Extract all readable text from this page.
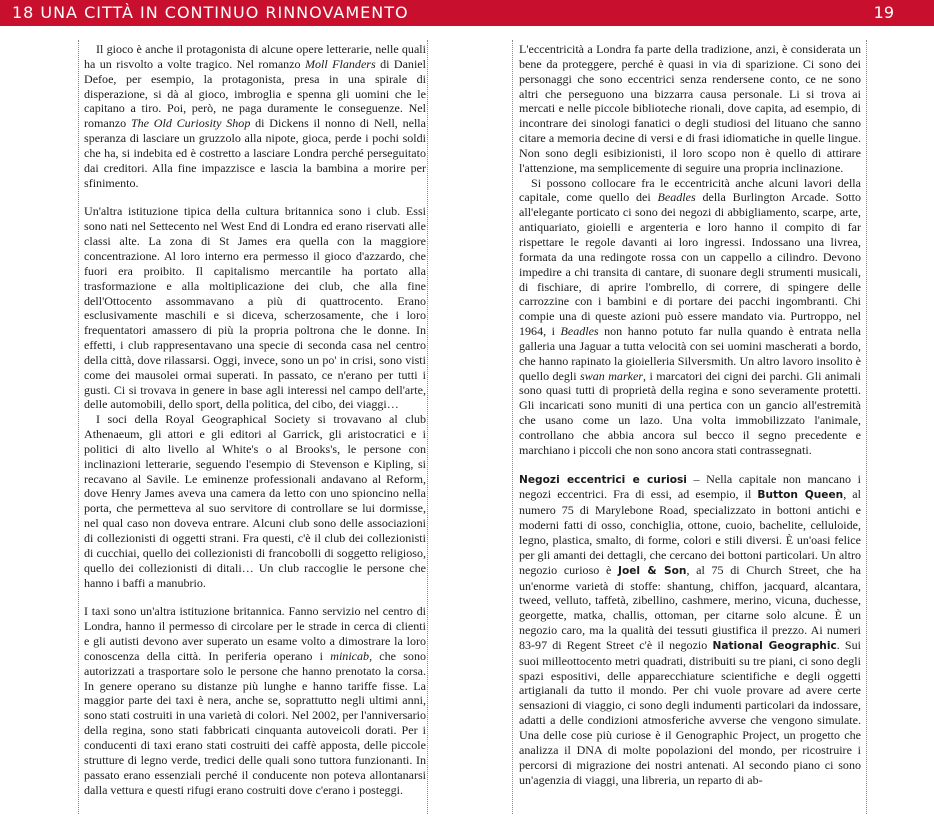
18 UNA CITTÀ IN CONTINUO RINNOVAMENTO	19

Il gioco è anche il protagonista di alcune opere letterarie, nelle quali ha un risvolto a volte tragico. Nel romanzo Moll Flanders di Daniel Defoe, per esempio, la protagonista, presa in una spirale di disperazione, si dà al gioco, imbroglia e spenna gli uomini che le capitano a tiro. Poi, però, ne paga duramente le conseguenze. Nel romanzo The Old Curiosity Shop di Dickens il nonno di Nell, nella speranza di lasciare un gruzzolo alla nipote, gioca, perde i pochi soldi che ha, si indebita ed è costretto a lasciare Londra perché perseguitato dai creditori. Alla fine impazzisce e lascia la bambina a morire per sfinimento.

Un'altra istituzione tipica della cultura britannica sono i club. Essi sono nati nel Settecento nel West End di Londra ed erano riservati alle classi alte. La zona di St James era quella con la maggiore concentrazione. Al loro interno era permesso il gioco d'azzardo, che fuori era proibito. Il capitalismo mercantile ha portato alla trasformazione e alla moltiplicazione dei club, che alla fine dell'Ottocento assommavano a più di quattrocento. Erano esclusivamente maschili e si diceva, scherzosamente, che i loro frequentatori amassero di più la propria poltrona che le donne. In effetti, i club rappresentavano una specie di seconda casa nel centro della città, dove rilassarsi. Oggi, invece, sono un po' in crisi, sono visti come dei mausolei ormai superati. In passato, ce n'erano per tutti i gusti. Ci si trovava in genere in base agli interessi nel campo dell'arte, delle automobili, dello sport, della politica, del cibo, dei viaggi…

I soci della Royal Geographical Society si trovavano al club Athenaeum, gli attori e gli editori al Garrick, gli aristocratici e i politici di alto livello al White's o al Brooks's, le persone con inclinazioni letterarie, seguendo l'esempio di Stevenson e Kipling, si recavano al Savile. Le eminenze professionali andavano al Reform, dove Henry James aveva una camera da letto con uno spioncino nella porta, che permetteva al suo servitore di controllare se lui dormisse, nel qual caso non doveva entrare. Alcuni club sono delle associazioni di collezionisti di oggetti strani. Fra questi, c'è il club dei collezionisti di cucchiai, quello dei collezionisti di francobolli di soggetto religioso, quello dei collezionisti di ditali… Un club raccoglie le persone che hanno i baffi a manubrio.

I taxi sono un'altra istituzione britannica. Fanno servizio nel centro di Londra, hanno il permesso di circolare per le strade in cerca di clienti e gli autisti devono aver superato un esame volto a dimostrare la loro conoscenza della città. In periferia operano i minicab, che sono autorizzati a trasportare solo le persone che hanno prenotato la corsa. In genere operano su distanze più lunghe e hanno tariffe fisse. La maggior parte dei taxi è nera, anche se, soprattutto negli ultimi anni, sono stati costruiti in una varietà di colori. Nel 2002, per l'anniversario della regina, sono stati fabbricati cinquanta autoveicoli dorati. Per i conducenti di taxi erano stati costruiti dei caffè apposta, delle piccole strutture di legno verde, tredici delle quali sono tuttora funzionanti. In passato erano essenziali perché il conducente non poteva allontanarsi dalla vettura e questi rifugi erano costruiti dove c'erano i posteggi.

L'eccentricità a Londra fa parte della tradizione, anzi, è considerata un bene da proteggere, perché è quasi in via di sparizione. Ci sono dei personaggi che sono eccentrici senza rendersene conto, ce ne sono altri che perseguono una bizzarra causa personale. Li si trova ai mercati e nelle piccole biblioteche rionali, dove capita, ad esempio, di incontrare dei sinologi fanatici o degli studiosi del lituano che sanno citare a memoria decine di versi e di frasi idiomatiche in quelle lingue. Non sono degli esibizionisti, il loro scopo non è quello di attirare l'attenzione, ma semplicemente di seguire una propria inclinazione.

Si possono collocare fra le eccentricità anche alcuni lavori della capitale, come quello dei Beadles della Burlington Arcade. Sotto all'elegante porticato ci sono dei negozi di abbigliamento, scarpe, arte, antiquariato, gioielli e argenteria e loro hanno il compito di far rispettare le regole davanti ai loro ingressi. Indossano una livrea, formata da una redingote rossa con un cappello a cilindro. Devono impedire a chi transita di cantare, di suonare degli strumenti musicali, di fischiare, di aprire l'ombrello, di correre, di spingere delle carrozzine con i bambini e di portare dei pacchi ingombranti. Chi compie una di queste azioni può essere mandato via. Purtroppo, nel 1964, i Beadles non hanno potuto far nulla quando è entrata nella galleria una Jaguar a tutta velocità con sei uomini mascherati a bordo, che hanno rapinato la gioielleria Silversmith. Un altro lavoro insolito è quello degli swan marker, i marcatori dei cigni dei parchi. Gli animali sono quasi tutti di proprietà della regina e sono severamente protetti. Gli incaricati sono muniti di una pertica con un gancio all'estremità che usano come un lazo. Una volta immobilizzato l'animale, controllano che abbia ancora sul becco il segno precedente e marchiano i piccoli che non sono ancora stati contrassegnati.

Negozi eccentrici e curiosi – Nella capitale non mancano i negozi eccentrici. Fra di essi, ad esempio, il Button Queen, al numero 75 di Marylebone Road, specializzato in bottoni antichi e moderni fatti di osso, conchiglia, ottone, cuoio, bachelite, celluloide, legno, plastica, smalto, di forme, colori e stili diversi. È un'oasi felice per gli amanti dei dettagli, che cercano dei bottoni particolari. Un altro negozio curioso è Joel & Son, al 75 di Church Street, che ha un'enorme varietà di stoffe: shantung, chiffon, jacquard, alcantara, tweed, velluto, taffetà, zibellino, cashmere, merino, vicuna, duchesse, georgette, matka, challis, ottoman, per citarne solo alcune. È un negozio caro, ma la qualità dei tessuti giustifica il prezzo. Ai numeri 83-97 di Regent Street c'è il negozio National Geographic. Sui suoi milleottocento metri quadrati, distribuiti su tre piani, ci sono degli spazi espositivi, delle apparecchiature scientifiche e degli oggetti artigianali da tutto il mondo. Per chi vuole provare ad avere certe sensazioni di viaggio, ci sono degli indumenti particolari da indossare, adatti a delle condizioni atmosferiche avverse che vengono simulate. Una delle cose più curiose è il Genographic Project, un progetto che analizza il DNA di molte popolazioni del mondo, per ricostruire i percorsi di migrazione dei nostri antenati. Al secondo piano ci sono un'agenzia di viaggi, una libreria, un reparto di ab-
